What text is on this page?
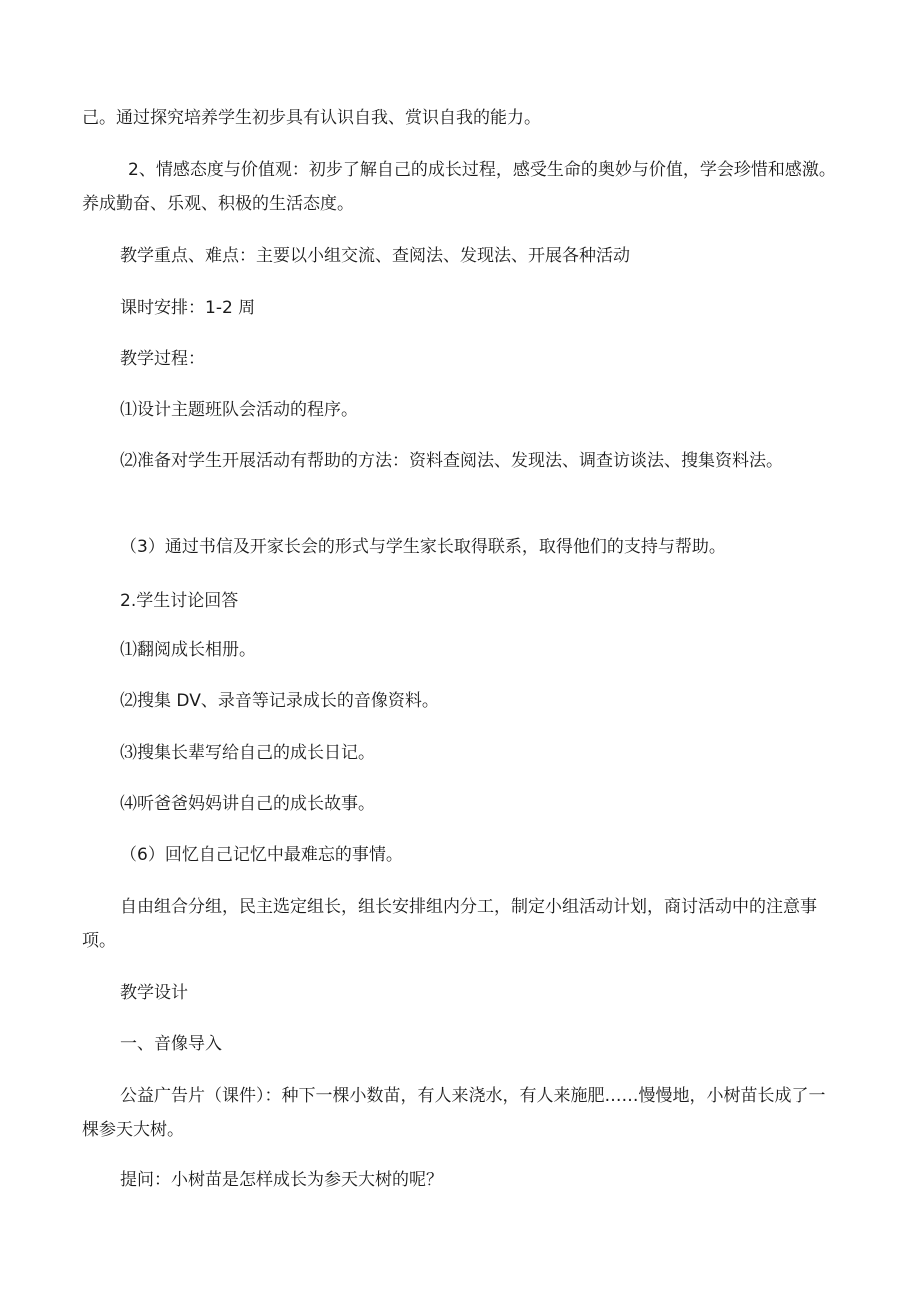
己。通过探究培养学生初步具有认识自我、赏识自我的能力。
2、情感态度与价值观：初步了解自己的成长过程，感受生命的奥妙与价值，学会珍惜和感激。养成勤奋、乐观、积极的生活态度。
教学重点、难点：主要以小组交流、查阅法、发现法、开展各种活动
课时安排：1-2 周
教学过程：
⑴设计主题班队会活动的程序。
⑵准备对学生开展活动有帮助的方法：资料查阅法、发现法、调查访谈法、搜集资料法。
（3）通过书信及开家长会的形式与学生家长取得联系，取得他们的支持与帮助。
2.学生讨论回答
⑴翻阅成长相册。
⑵搜集 DV、录音等记录成长的音像资料。
⑶搜集长辈写给自己的成长日记。
⑷听爸爸妈妈讲自己的成长故事。
（6）回忆自己记忆中最难忘的事情。
自由组合分组，民主选定组长，组长安排组内分工，制定小组活动计划，商讨活动中的注意事项。
教学设计
一、音像导入
公益广告片（课件）：种下一棵小数苗，有人来浇水，有人来施肥……慢慢地，小树苗长成了一棵参天大树。
提问：小树苗是怎样成长为参天大树的呢？
